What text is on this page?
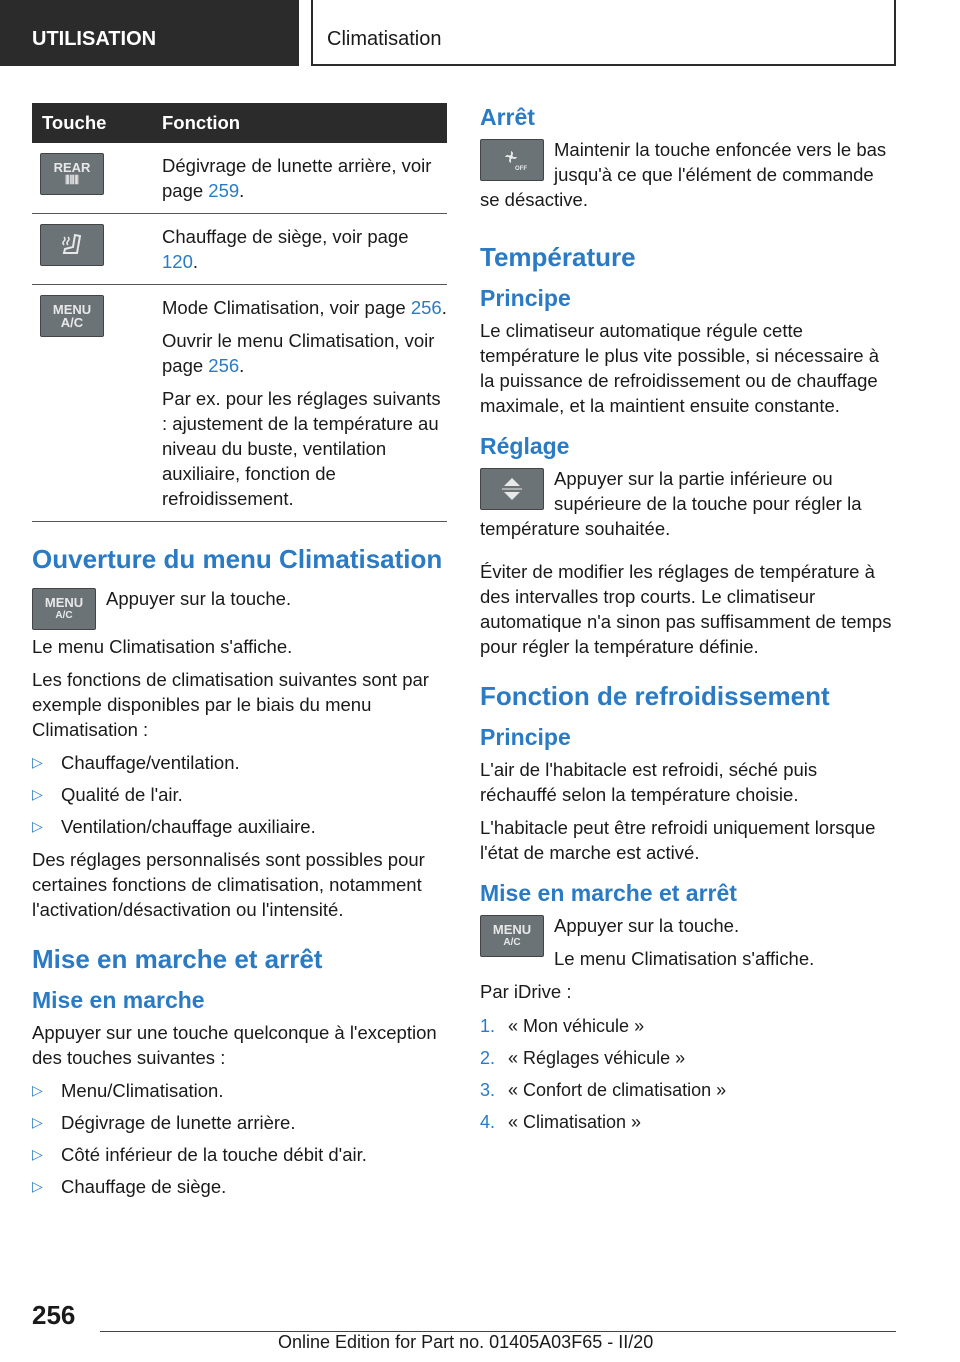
UTILISATION	Climatisation
Touche	Fonction

REAR
⫼⫼⫼	Dégivrage de lunette arrière, voir page 259.

Chauffage de siège, voir page 120.

MENU A/C	Mode Climatisation, voir page 256.

Ouvrir le menu Climatisation, voir page 256.

Par ex. pour les réglages suivants : ajustement de la température au niveau du buste, ventilation auxiliaire, fonction de refroidissement.

Ouverture du menu Climatisation
MENU
A/C

Appuyer sur la touche.

Le menu Climatisation s'affiche.

Les fonctions de climatisation suivantes sont par exemple disponibles par le biais du menu Climatisation :

▷ Chauffage/ventilation.
▷ Qualité de l'air.
▷ Ventilation/chauffage auxiliaire.

Des réglages personnalisés sont possibles pour certaines fonctions de climatisation, notamment l'activation/désactivation ou l'intensité.

Mise en marche et arrêt
Mise en marche

Appuyer sur une touche quelconque à l'exception des touches suivantes :

▷ Menu/Climatisation.
▷ Dégivrage de lunette arrière.
▷ Côté inférieur de la touche débit d'air.
▷ Chauffage de siège.
Arrêt
OFF

Maintenir la touche enfoncée vers le bas jusqu'à ce que l'élément de commande se désactive.

Température
Principe

Le climatiseur automatique régule cette température le plus vite possible, si nécessaire à la puissance de refroidissement ou de chauffage maximale, et la maintient ensuite constante.

Réglage

Appuyer sur la partie inférieure ou supérieure de la touche pour régler la température souhaitée.

Éviter de modifier les réglages de température à des intervalles trop courts. Le climatiseur automatique n'a sinon pas suffisamment de temps pour régler la température définie.

Fonction de refroidissement
Principe

L'air de l'habitacle est refroidi, séché puis réchauffé selon la température choisie.

L'habitacle peut être refroidi uniquement lorsque l'état de marche est activé.

Mise en marche et arrêt
MENU
A/C

Appuyer sur la touche.

Le menu Climatisation s'affiche.

Par iDrive :

1. « Mon véhicule »
2. « Réglages véhicule »
3. « Confort de climatisation »
4. « Climatisation »
256
Online Edition for Part no. 01405A03F65 - II/20
